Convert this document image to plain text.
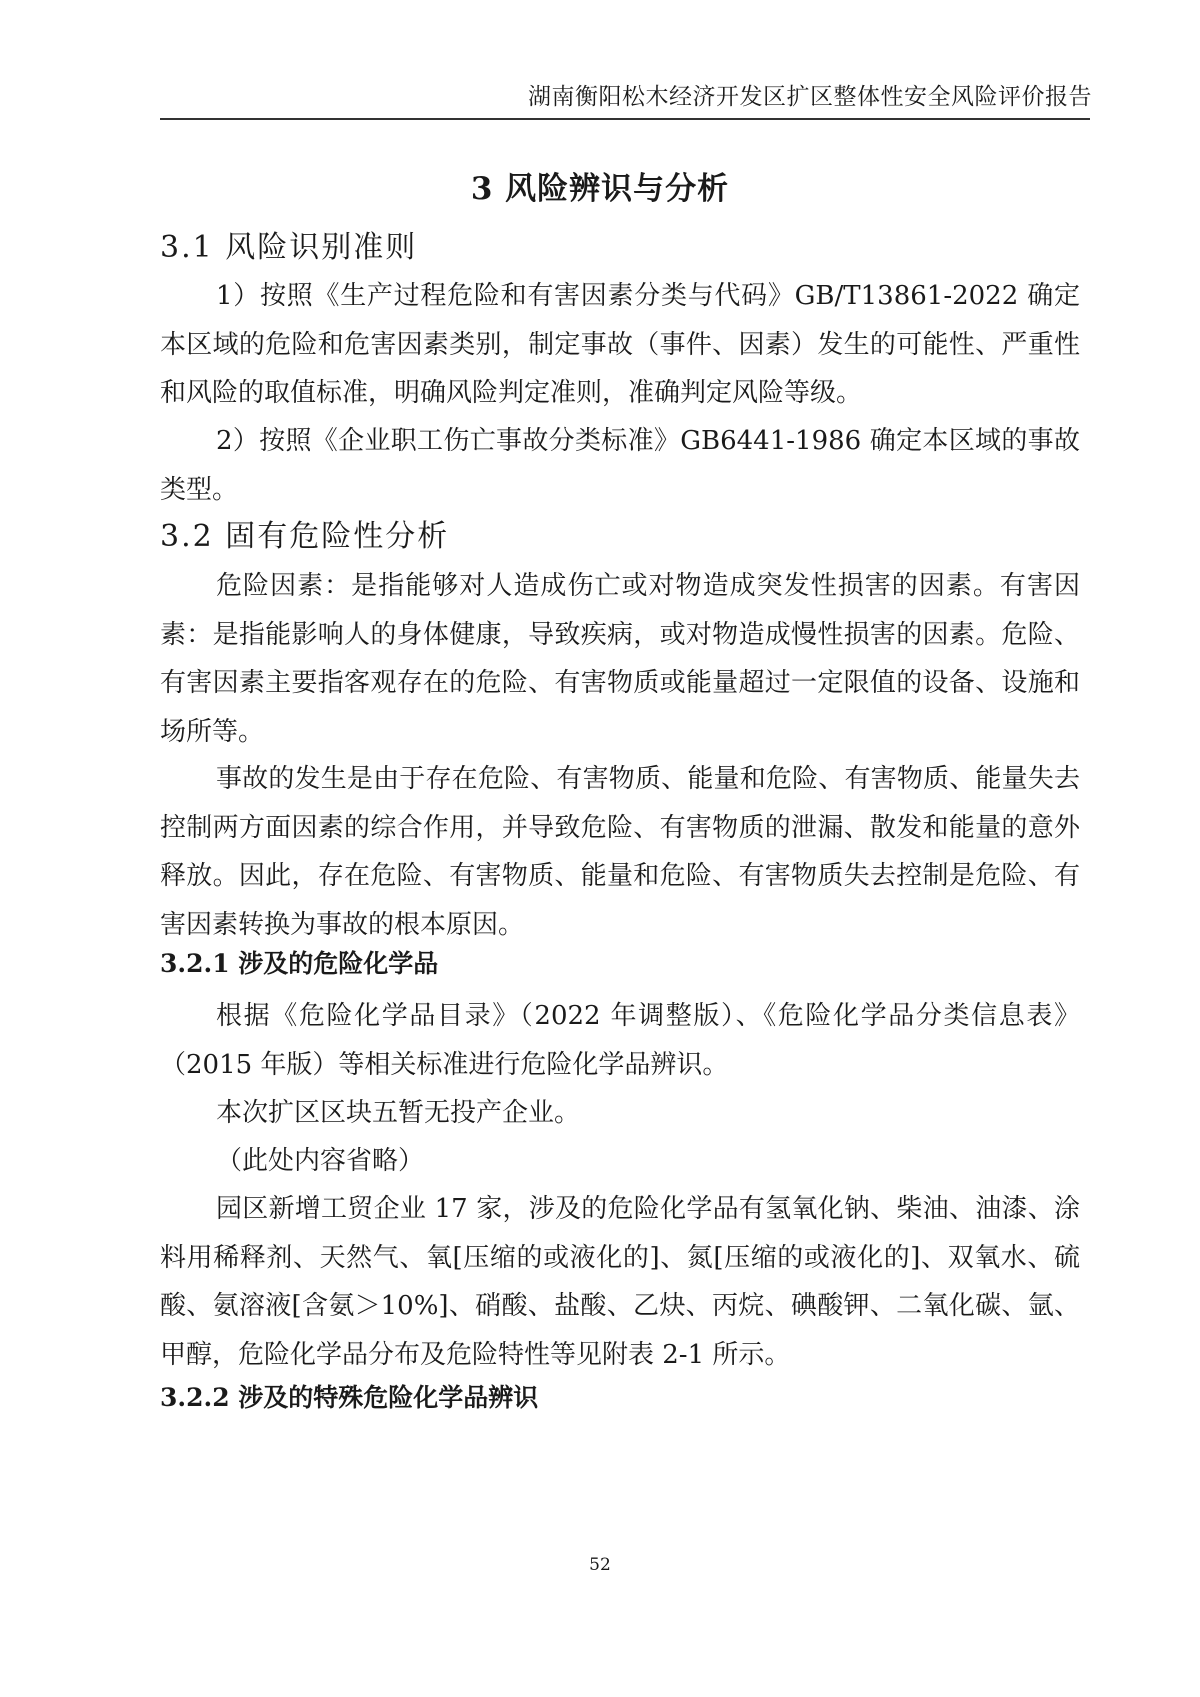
湖南衡阳松木经济开发区扩区整体性安全风险评价报告
3 风险辨识与分析
3.1 风险识别准则

1）按照《生产过程危险和有害因素分类与代码》GB/T13861-2022 确定本区域的危险和危害因素类别，制定事故（事件、因素）发生的可能性、严重性和风险的取值标准，明确风险判定准则，准确判定风险等级。

2）按照《企业职工伤亡事故分类标准》GB6441-1986 确定本区域的事故类型。

3.2 固有危险性分析

危险因素：是指能够对人造成伤亡或对物造成突发性损害的因素。有害因素：是指能影响人的身体健康，导致疾病，或对物造成慢性损害的因素。危险、有害因素主要指客观存在的危险、有害物质或能量超过一定限值的设备、设施和场所等。

事故的发生是由于存在危险、有害物质、能量和危险、有害物质、能量失去控制两方面因素的综合作用，并导致危险、有害物质的泄漏、散发和能量的意外释放。因此，存在危险、有害物质、能量和危险、有害物质失去控制是危险、有害因素转换为事故的根本原因。

3.2.1 涉及的危险化学品

根据《危险化学品目录》（2022 年调整版）、《危险化学品分类信息表》（2015 年版）等相关标准进行危险化学品辨识。

本次扩区区块五暂无投产企业。

（此处内容省略）

园区新增工贸企业 17 家，涉及的危险化学品有氢氧化钠、柴油、油漆、涂料用稀释剂、天然气、氧[压缩的或液化的]、氮[压缩的或液化的]、双氧水、硫酸、氨溶液[含氨＞10%]、硝酸、盐酸、乙炔、丙烷、碘酸钾、二氧化碳、氩、甲醇，危险化学品分布及危险特性等见附表 2-1 所示。

3.2.2 涉及的特殊危险化学品辨识
52
